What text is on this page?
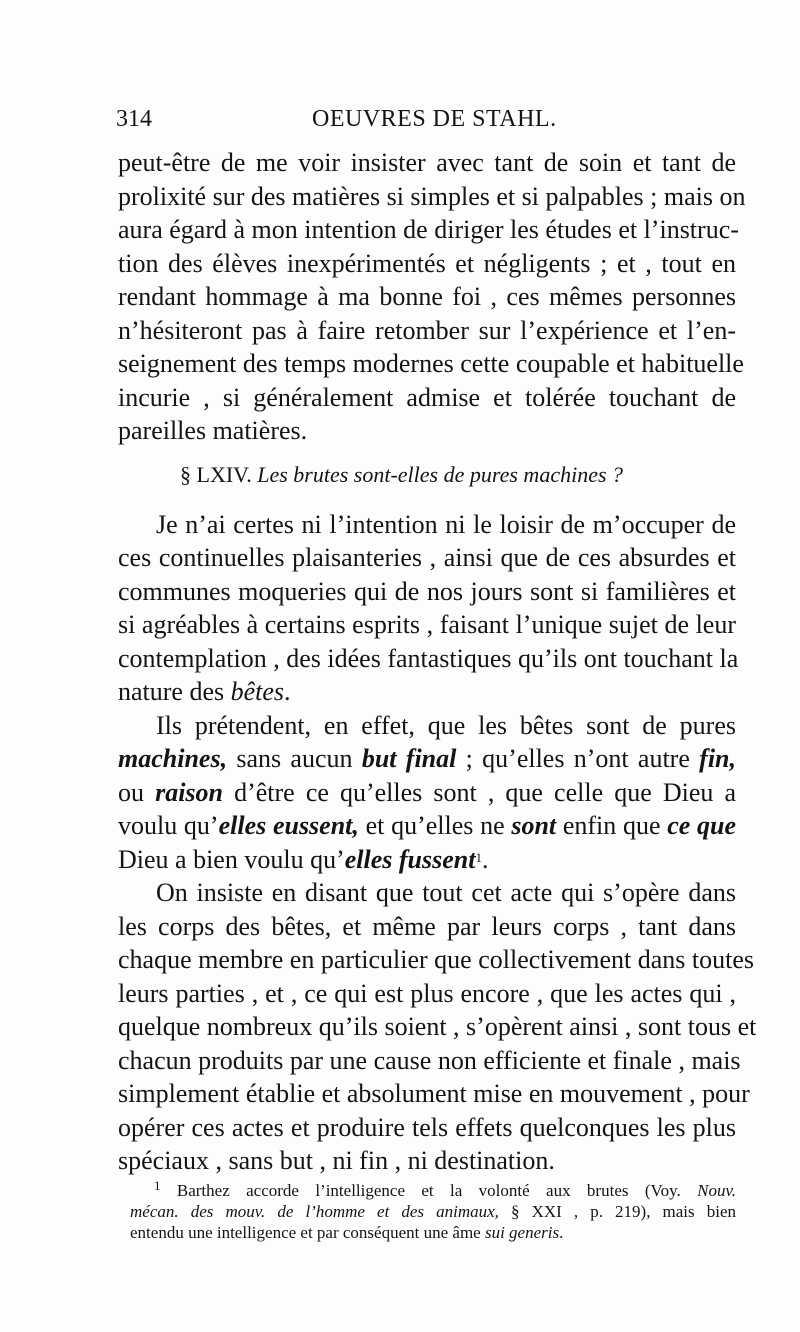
314	OEUVRES DE STAHL.
peut-être de me voir insister avec tant de soin et tant de
prolixité sur des matières si simples et si palpables ; mais on
aura égard à mon intention de diriger les études et l’instruc-
tion des élèves inexpérimentés et négligents ; et , tout en
rendant hommage à ma bonne foi , ces mêmes personnes
n’hésiteront pas à faire retomber sur l’expérience et l’en-
seignement des temps modernes cette coupable et habituelle
incurie , si généralement admise et tolérée touchant de
pareilles matières.
§ LXIV. Les brutes sont-elles de pures machines ?
Je n’ai certes ni l’intention ni le loisir de m’occuper de
ces continuelles plaisanteries , ainsi que de ces absurdes et
communes moqueries qui de nos jours sont si familières et
si agréables à certains esprits , faisant l’unique sujet de leur
contemplation , des idées fantastiques qu’ils ont touchant la
nature des bêtes.
Ils prétendent, en effet, que les bêtes sont de pures
machines, sans aucun but final ; qu’elles n’ont autre fin,
ou raison d’être ce qu’elles sont , que celle que Dieu a
voulu qu’elles eussent, et qu’elles ne sont enfin que ce que
Dieu a bien voulu qu’elles fussent$^1$.
On insiste en disant que tout cet acte qui s’opère dans
les corps des bêtes, et même par leurs corps , tant dans
chaque membre en particulier que collectivement dans toutes
leurs parties , et , ce qui est plus encore , que les actes qui ,
quelque nombreux qu’ils soient , s’opèrent ainsi , sont tous et
chacun produits par une cause non efficiente et finale , mais
simplement établie et absolument mise en mouvement , pour
opérer ces actes et produire tels effets quelconques les plus
spéciaux , sans but , ni fin , ni destination.
$^1$ Barthez accorde l’intelligence et la volonté aux brutes (Voy. Nouv.
mécan. des mouv. de l’homme et des animaux, § XXI , p. 219), mais bien
entendu une intelligence et par conséquent une âme sui generis.
